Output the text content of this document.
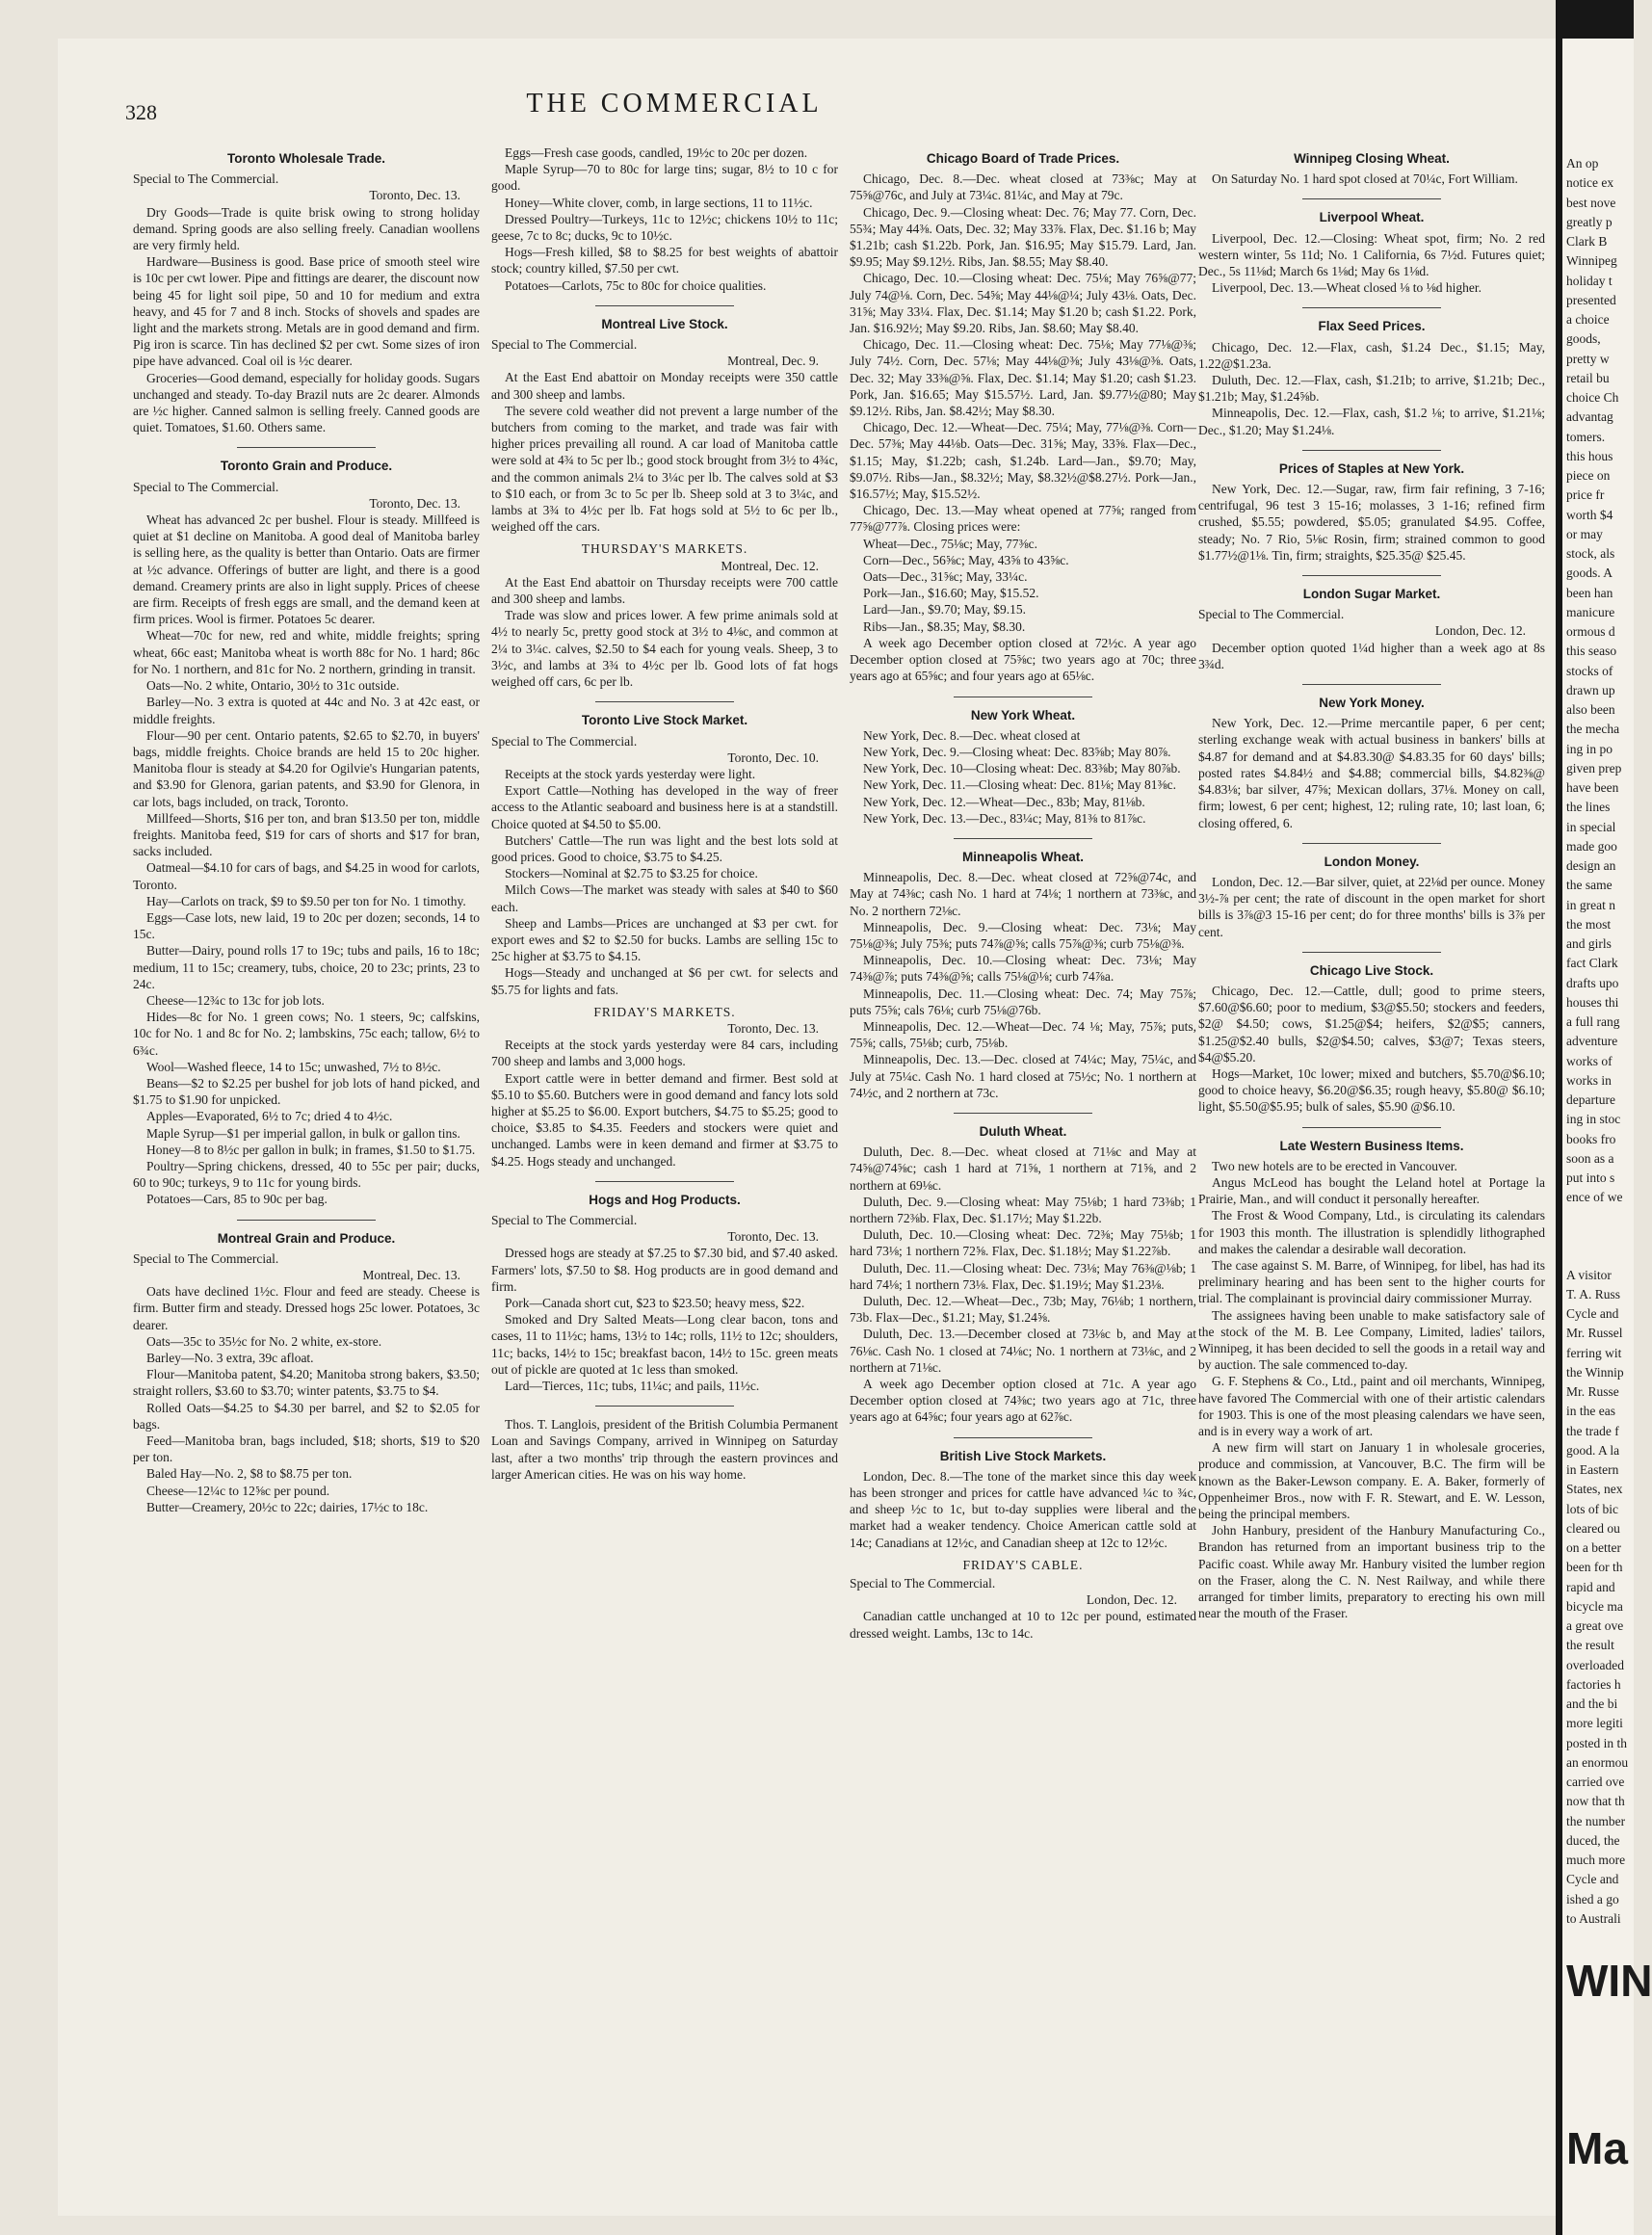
An op
notice ex
best nove
greatly p
Clark B
Winnipeg
holiday t
presented
a choice
goods,
pretty w
retail bu
choice Ch
advantag
tomers.
this hous
piece on
price fr
worth $4
or may
stock, als
goods. A
been han
manicure
ormous d
this seaso
stocks of
drawn up
also been
the mecha
ing in po
given prep
have been
the lines
in special
made goo
design an
the same
in great n
the most
and girls
fact Clark
drafts upo
houses thi
a full rang
adventure
works of
works in
departure
ing in stoc
books fro
soon as a
put into s
ence of we
A visitor
T. A. Russ
Cycle and
Mr. Russel
ferring wit
the Winnip
Mr. Russe
in the eas
the trade f
good. A la
in Eastern
States, nex
lots of bic
cleared ou
on a better
been for th
rapid and
bicycle ma
a great ove
the result
overloaded
factories h
and the bi
more legiti
posted in th
an enormou
carried ove
now that th
the number
duced, the
much more
Cycle and
ished a go
to Australi
WIN
Ma
328	THE COMMERCIAL
Toronto Wholesale Trade.

Special to The Commercial.

Toronto, Dec. 13.

Dry Goods—Trade is quite brisk owing to strong holiday demand. Spring goods are also selling freely. Canadian woollens are very firmly held.

Hardware—Business is good. Base price of smooth steel wire is 10c per cwt lower. Pipe and fittings are dearer, the discount now being 45 for light soil pipe, 50 and 10 for medium and extra heavy, and 45 for 7 and 8 inch. Stocks of shovels and spades are light and the markets strong. Metals are in good demand and firm. Pig iron is scarce. Tin has declined $2 per cwt. Some sizes of iron pipe have advanced. Coal oil is ½c dearer.

Groceries—Good demand, especially for holiday goods. Sugars unchanged and steady. To-day Brazil nuts are 2c dearer. Almonds are ½c higher. Canned salmon is selling freely. Canned goods are quiet. Tomatoes, $1.60. Others same.

Toronto Grain and Produce.

Special to The Commercial.

Toronto, Dec. 13.

Wheat has advanced 2c per bushel. Flour is steady. Millfeed is quiet at $1 decline on Manitoba. A good deal of Manitoba barley is selling here, as the quality is better than Ontario. Oats are firmer at ½c advance. Offerings of butter are light, and there is a good demand. Creamery prints are also in light supply. Prices of cheese are firm. Receipts of fresh eggs are small, and the demand keen at firm prices. Wool is firmer. Potatoes 5c dearer.

Wheat—70c for new, red and white, middle freights; spring wheat, 66c east; Manitoba wheat is worth 88c for No. 1 hard; 86c for No. 1 northern, and 81c for No. 2 northern, grinding in transit.

Oats—No. 2 white, Ontario, 30½ to 31c outside.

Barley—No. 3 extra is quoted at 44c and No. 3 at 42c east, or middle freights.

Flour—90 per cent. Ontario patents, $2.65 to $2.70, in buyers' bags, middle freights. Choice brands are held 15 to 20c higher. Manitoba flour is steady at $4.20 for Ogilvie's Hungarian patents, and $3.90 for Glenora, garian patents, and $3.90 for Glenora, in car lots, bags included, on track, Toronto.

Millfeed—Shorts, $16 per ton, and bran $13.50 per ton, middle freights. Manitoba feed, $19 for cars of shorts and $17 for bran, sacks included.

Oatmeal—$4.10 for cars of bags, and $4.25 in wood for carlots, Toronto.

Hay—Carlots on track, $9 to $9.50 per ton for No. 1 timothy.

Eggs—Case lots, new laid, 19 to 20c per dozen; seconds, 14 to 15c.

Butter—Dairy, pound rolls 17 to 19c; tubs and pails, 16 to 18c; medium, 11 to 15c; creamery, tubs, choice, 20 to 23c; prints, 23 to 24c.

Cheese—12¾c to 13c for job lots.

Hides—8c for No. 1 green cows; No. 1 steers, 9c; calfskins, 10c for No. 1 and 8c for No. 2; lambskins, 75c each; tallow, 6½ to 6¾c.

Wool—Washed fleece, 14 to 15c; unwashed, 7½ to 8½c.

Beans—$2 to $2.25 per bushel for job lots of hand picked, and $1.75 to $1.90 for unpicked.

Apples—Evaporated, 6½ to 7c; dried 4 to 4½c.

Maple Syrup—$1 per imperial gallon, in bulk or gallon tins.

Honey—8 to 8½c per gallon in bulk; in frames, $1.50 to $1.75.

Poultry—Spring chickens, dressed, 40 to 55c per pair; ducks, 60 to 90c; turkeys, 9 to 11c for young birds.

Potatoes—Cars, 85 to 90c per bag.

Montreal Grain and Produce.

Special to The Commercial.

Montreal, Dec. 13.

Oats have declined 1½c. Flour and feed are steady. Cheese is firm. Butter firm and steady. Dressed hogs 25c lower. Potatoes, 3c dearer.

Oats—35c to 35½c for No. 2 white, ex-store.

Barley—No. 3 extra, 39c afloat.

Flour—Manitoba patent, $4.20; Manitoba strong bakers, $3.50; straight rollers, $3.60 to $3.70; winter patents, $3.75 to $4.

Rolled Oats—$4.25 to $4.30 per barrel, and $2 to $2.05 for bags.

Feed—Manitoba bran, bags included, $18; shorts, $19 to $20 per ton.

Baled Hay—No. 2, $8 to $8.75 per ton.

Cheese—12¼c to 12⅝c per pound.

Butter—Creamery, 20½c to 22c; dairies, 17½c to 18c.

Eggs—Fresh case goods, candled, 19½c to 20c per dozen.

Maple Syrup—70 to 80c for large tins; sugar, 8½ to 10 c for good.

Honey—White clover, comb, in large sections, 11 to 11½c.

Dressed Poultry—Turkeys, 11c to 12½c; chickens 10½ to 11c; geese, 7c to 8c; ducks, 9c to 10½c.

Hogs—Fresh killed, $8 to $8.25 for best weights of abattoir stock; country killed, $7.50 per cwt.

Potatoes—Carlots, 75c to 80c for choice qualities.

Montreal Live Stock.

Special to The Commercial.

Montreal, Dec. 9.

At the East End abattoir on Monday receipts were 350 cattle and 300 sheep and lambs.

The severe cold weather did not prevent a large number of the butchers from coming to the market, and trade was fair with higher prices prevailing all round. A car load of Manitoba cattle were sold at 4¾ to 5c per lb.; good stock brought from 3½ to 4¾c, and the common animals 2¼ to 3¼c per lb. The calves sold at $3 to $10 each, or from 3c to 5c per lb. Sheep sold at 3 to 3¼c, and lambs at 3¾ to 4½c per lb. Fat hogs sold at 5½ to 6c per lb., weighed off the cars.

THURSDAY'S MARKETS.

Montreal, Dec. 12.

At the East End abattoir on Thursday receipts were 700 cattle and 300 sheep and lambs.

Trade was slow and prices lower. A few prime animals sold at 4½ to nearly 5c, pretty good stock at 3½ to 4⅛c, and common at 2¼ to 3¼c. calves, $2.50 to $4 each for young veals. Sheep, 3 to 3½c, and lambs at 3¾ to 4½c per lb. Good lots of fat hogs weighed off cars, 6c per lb.

Toronto Live Stock Market.

Special to The Commercial.

Toronto, Dec. 10.

Receipts at the stock yards yesterday were light.

Export Cattle—Nothing has developed in the way of freer access to the Atlantic seaboard and business here is at a standstill. Choice quoted at $4.50 to $5.00.

Butchers' Cattle—The run was light and the best lots sold at good prices. Good to choice, $3.75 to $4.25.

Stockers—Nominal at $2.75 to $3.25 for choice.

Milch Cows—The market was steady with sales at $40 to $60 each.

Sheep and Lambs—Prices are unchanged at $3 per cwt. for export ewes and $2 to $2.50 for bucks. Lambs are selling 15c to 25c higher at $3.75 to $4.15.

Hogs—Steady and unchanged at $6 per cwt. for selects and $5.75 for lights and fats.

FRIDAY'S MARKETS.

Toronto, Dec. 13.

Receipts at the stock yards yesterday were 84 cars, including 700 sheep and lambs and 3,000 hogs.

Export cattle were in better demand and firmer. Best sold at $5.10 to $5.60. Butchers were in good demand and fancy lots sold higher at $5.25 to $6.00. Export butchers, $4.75 to $5.25; good to choice, $3.85 to $4.35. Feeders and stockers were quiet and unchanged. Lambs were in keen demand and firmer at $3.75 to $4.25. Hogs steady and unchanged.

Hogs and Hog Products.

Special to The Commercial.

Toronto, Dec. 13.

Dressed hogs are steady at $7.25 to $7.30 bid, and $7.40 asked. Farmers' lots, $7.50 to $8. Hog products are in good demand and firm.

Pork—Canada short cut, $23 to $23.50; heavy mess, $22.

Smoked and Dry Salted Meats—Long clear bacon, tons and cases, 11 to 11½c; hams, 13½ to 14c; rolls, 11½ to 12c; shoulders, 11c; backs, 14½ to 15c; breakfast bacon, 14½ to 15c. green meats out of pickle are quoted at 1c less than smoked.

Lard—Tierces, 11c; tubs, 11¼c; and pails, 11½c.

Thos. T. Langlois, president of the British Columbia Permanent Loan and Savings Company, arrived in Winnipeg on Saturday last, after a two months' trip through the eastern provinces and larger American cities. He was on his way home.

Chicago Board of Trade Prices.

Chicago, Dec. 8.—Dec. wheat closed at 73⅜c; May at 75⅝@76c, and July at 73¼c. 81¼c, and May at 79c.

Chicago, Dec. 9.—Closing wheat: Dec. 76; May 77. Corn, Dec. 55¾; May 44⅜. Oats, Dec. 32; May 33⅞. Flax, Dec. $1.16 b; May $1.21b; cash $1.22b. Pork, Jan. $16.95; May $15.79. Lard, Jan. $9.95; May $9.12½. Ribs, Jan. $8.55; May $8.40.

Chicago, Dec. 10.—Closing wheat: Dec. 75⅛; May 76⅝@77; July 74@⅛. Corn, Dec. 54⅝; May 44⅛@¼; July 43⅛. Oats, Dec. 31⅝; May 33¼. Flax, Dec. $1.14; May $1.20 b; cash $1.22. Pork, Jan. $16.92½; May $9.20. Ribs, Jan. $8.60; May $8.40.

Chicago, Dec. 11.—Closing wheat: Dec. 75⅛; May 77⅛@⅜; July 74½. Corn, Dec. 57⅛; May 44⅛@⅜; July 43⅛@⅜. Oats, Dec. 32; May 33⅜@⅝. Flax, Dec. $1.14; May $1.20; cash $1.23. Pork, Jan. $16.65; May $15.57½. Lard, Jan. $9.77½@80; May $9.12½. Ribs, Jan. $8.42½; May $8.30.

Chicago, Dec. 12.—Wheat—Dec. 75¼; May, 77⅛@⅜. Corn—Dec. 57⅜; May 44⅛b. Oats—Dec. 31⅝; May, 33⅝. Flax—Dec., $1.15; May, $1.22b; cash, $1.24b. Lard—Jan., $9.70; May, $9.07½. Ribs—Jan., $8.32½; May, $8.32½@$8.27½. Pork—Jan., $16.57½; May, $15.52½.

Chicago, Dec. 13.—May wheat opened at 77⅝; ranged from 77⅝@77⅞. Closing prices were:

Wheat—Dec., 75⅛c; May, 77⅜c.

Corn—Dec., 56⅝c; May, 43⅝ to 43⅝c.

Oats—Dec., 31⅝c; May, 33¼c.

Pork—Jan., $16.60; May, $15.52.

Lard—Jan., $9.70; May, $9.15.

Ribs—Jan., $8.35; May, $8.30.

A week ago December option closed at 72½c. A year ago December option closed at 75⅝c; two years ago at 70c; three years ago at 65⅝c; and four years ago at 65⅛c.

New York Wheat.

New York, Dec. 8.—Dec. wheat closed at

New York, Dec. 9.—Closing wheat: Dec. 83⅝b; May 80⅞.

New York, Dec. 10—Closing wheat: Dec. 83⅜b; May 80⅞b.

New York, Dec. 11.—Closing wheat: Dec. 81⅛; May 81⅜c.

New York, Dec. 12.—Wheat—Dec., 83b; May, 81⅛b.

New York, Dec. 13.—Dec., 83¼c; May, 81⅜ to 81⅞c.

Minneapolis Wheat.

Minneapolis, Dec. 8.—Dec. wheat closed at 72⅝@74c, and May at 74⅜c; cash No. 1 hard at 74⅛; 1 northern at 73⅜c, and No. 2 northern 72⅛c.

Minneapolis, Dec. 9.—Closing wheat: Dec. 73⅛; May 75⅛@⅜; July 75⅜; puts 74⅞@⅝; calls 75⅞@⅜; curb 75⅛@⅜.

Minneapolis, Dec. 10.—Closing wheat: Dec. 73⅛; May 74⅜@⅞; puts 74⅜@⅝; calls 75⅛@⅛; curb 74⅞a.

Minneapolis, Dec. 11.—Closing wheat: Dec. 74; May 75⅞; puts 75⅝; cals 76⅛; curb 75⅛@76b.

Minneapolis, Dec. 12.—Wheat—Dec. 74 ⅛; May, 75⅞; puts, 75⅝; calls, 75⅛b; curb, 75⅛b.

Minneapolis, Dec. 13.—Dec. closed at 74¼c; May, 75¼c, and July at 75¼c. Cash No. 1 hard closed at 75½c; No. 1 northern at 74½c, and 2 northern at 73c.

Duluth Wheat.

Duluth, Dec. 8.—Dec. wheat closed at 71⅛c and May at 74⅝@74⅝c; cash 1 hard at 71⅝, 1 northern at 71⅝, and 2 northern at 69⅛c.

Duluth, Dec. 9.—Closing wheat: May 75⅛b; 1 hard 73⅜b; 1 northern 72⅜b. Flax, Dec. $1.17½; May $1.22b.

Duluth, Dec. 10.—Closing wheat: Dec. 72⅜; May 75⅛b; 1 hard 73⅛; 1 northern 72⅝. Flax, Dec. $1.18½; May $1.22⅞b.

Duluth, Dec. 11.—Closing wheat: Dec. 73⅛; May 76⅜@⅛b; 1 hard 74⅛; 1 northern 73⅛. Flax, Dec. $1.19½; May $1.23⅛.

Duluth, Dec. 12.—Wheat—Dec., 73b; May, 76⅛b; 1 northern, 73b. Flax—Dec., $1.21; May, $1.24⅝.

Duluth, Dec. 13.—December closed at 73⅛c b, and May at 76⅛c. Cash No. 1 closed at 74⅛c; No. 1 northern at 73⅛c, and 2 northern at 71⅛c.

A week ago December option closed at 71c. A year ago December option closed at 74⅜c; two years ago at 71c, three years ago at 64⅝c; four years ago at 62⅞c.

British Live Stock Markets.

London, Dec. 8.—The tone of the market since this day week has been stronger and prices for cattle have advanced ¼c to ¾c, and sheep ½c to 1c, but to-day supplies were liberal and the market had a weaker tendency. Choice American cattle sold at 14c; Canadians at 12½c, and Canadian sheep at 12c to 12½c.

FRIDAY'S CABLE.

Special to The Commercial.

London, Dec. 12.

Canadian cattle unchanged at 10 to 12c per pound, estimated dressed weight. Lambs, 13c to 14c.

Winnipeg Closing Wheat.

On Saturday No. 1 hard spot closed at 70¼c, Fort William.

Liverpool Wheat.

Liverpool, Dec. 12.—Closing: Wheat spot, firm; No. 2 red western winter, 5s 11d; No. 1 California, 6s 7½d. Futures quiet; Dec., 5s 11⅛d; March 6s 1⅛d; May 6s 1⅛d.

Liverpool, Dec. 13.—Wheat closed ⅛ to ⅛d higher.

Flax Seed Prices.

Chicago, Dec. 12.—Flax, cash, $1.24 Dec., $1.15; May, 1.22@$1.23a.

Duluth, Dec. 12.—Flax, cash, $1.21b; to arrive, $1.21b; Dec., $1.21b; May, $1.24⅝b.

Minneapolis, Dec. 12.—Flax, cash, $1.2 ⅛; to arrive, $1.21⅛; Dec., $1.20; May $1.24⅛.

Prices of Staples at New York.

New York, Dec. 12.—Sugar, raw, firm fair refining, 3 7-16; centrifugal, 96 test 3 15-16; molasses, 3 1-16; refined firm crushed, $5.55; powdered, $5.05; granulated $4.95. Coffee, steady; No. 7 Rio, 5⅛c Rosin, firm; strained common to good $1.77½@1⅛. Tin, firm; straights, $25.35@ $25.45.

London Sugar Market.

Special to The Commercial.

London, Dec. 12.

December option quoted 1¼d higher than a week ago at 8s 3¾d.

New York Money.

New York, Dec. 12.—Prime mercantile paper, 6 per cent; sterling exchange weak with actual business in bankers' bills at $4.87 for demand and at $4.83.30@ $4.83.35 for 60 days' bills; posted rates $4.84½ and $4.88; commercial bills, $4.82⅜@ $4.83⅛; bar silver, 47⅝; Mexican dollars, 37⅛. Money on call, firm; lowest, 6 per cent; highest, 12; ruling rate, 10; last loan, 6; closing offered, 6.

London Money.

London, Dec. 12.—Bar silver, quiet, at 22⅛d per ounce. Money 3½-⅞ per cent; the rate of discount in the open market for short bills is 3⅞@3 15-16 per cent; do for three months' bills is 3⅞ per cent.

Chicago Live Stock.

Chicago, Dec. 12.—Cattle, dull; good to prime steers, $7.60@$6.60; poor to medium, $3@$5.50; stockers and feeders, $2@ $4.50; cows, $1.25@$4; heifers, $2@$5; canners, $1.25@$2.40 bulls, $2@$4.50; calves, $3@7; Texas steers, $4@$5.20.

Hogs—Market, 10c lower; mixed and butchers, $5.70@$6.10; good to choice heavy, $6.20@$6.35; rough heavy, $5.80@ $6.10; light, $5.50@$5.95; bulk of sales, $5.90 @$6.10.

Late Western Business Items.

Two new hotels are to be erected in Vancouver.

Angus McLeod has bought the Leland hotel at Portage la Prairie, Man., and will conduct it personally hereafter.

The Frost & Wood Company, Ltd., is circulating its calendars for 1903 this month. The illustration is splendidly lithographed and makes the calendar a desirable wall decoration.

The case against S. M. Barre, of Winnipeg, for libel, has had its preliminary hearing and has been sent to the higher courts for trial. The complainant is provincial dairy commissioner Murray.

The assignees having been unable to make satisfactory sale of the stock of the M. B. Lee Company, Limited, ladies' tailors, Winnipeg, it has been decided to sell the goods in a retail way and by auction. The sale commenced to-day.

G. F. Stephens & Co., Ltd., paint and oil merchants, Winnipeg, have favored The Commercial with one of their artistic calendars for 1903. This is one of the most pleasing calendars we have seen, and is in every way a work of art.

A new firm will start on January 1 in wholesale groceries, produce and commission, at Vancouver, B.C. The firm will be known as the Baker-Lewson company. E. A. Baker, formerly of Oppenheimer Bros., now with F. R. Stewart, and E. W. Lesson, being the principal members.

John Hanbury, president of the Hanbury Manufacturing Co., Brandon has returned from an important business trip to the Pacific coast. While away Mr. Hanbury visited the lumber region on the Fraser, along the C. N. Nest Railway, and while there arranged for timber limits, preparatory to erecting his own mill near the mouth of the Fraser.
